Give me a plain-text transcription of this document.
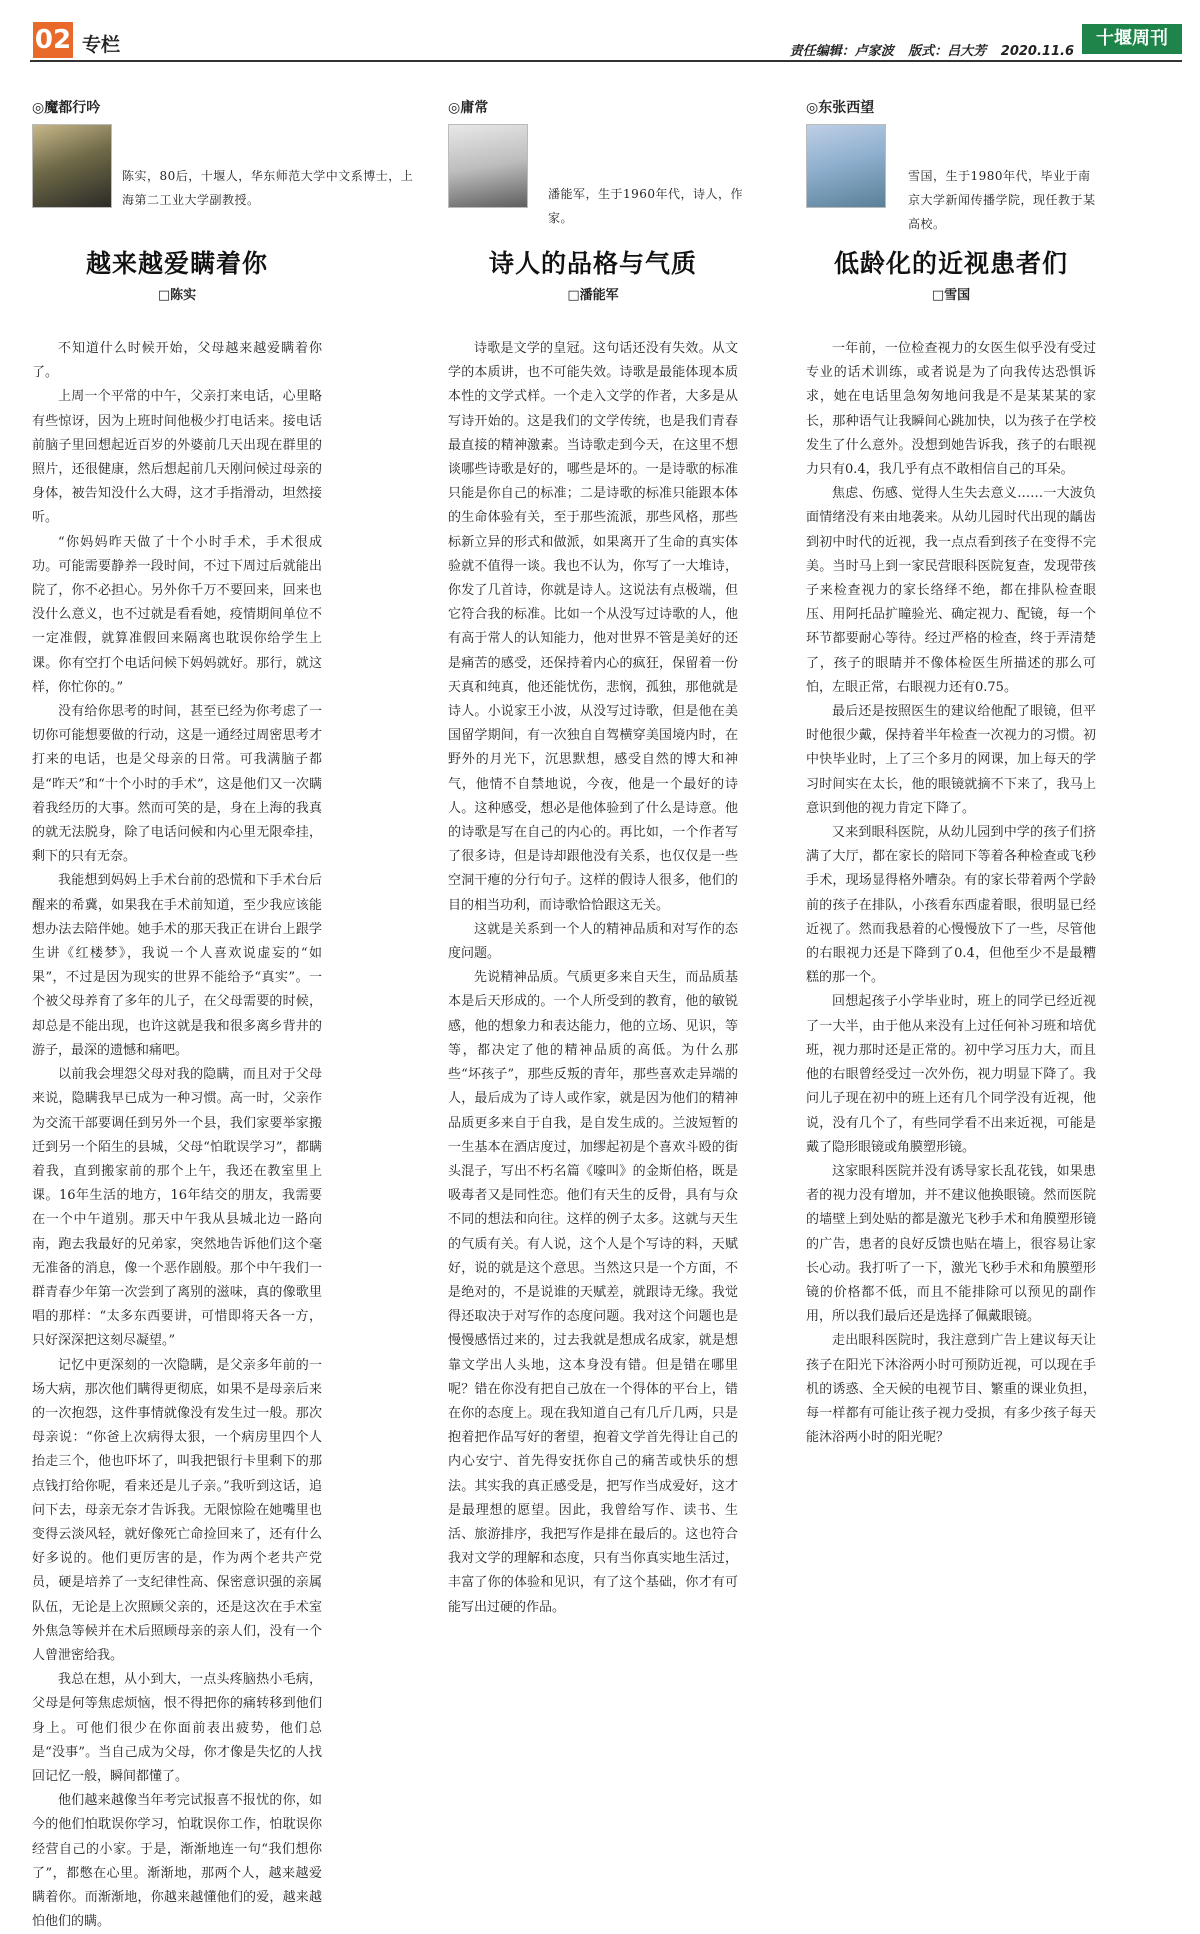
02 专栏	责任编辑：卢家波 版式：吕大芳 2020.11.6
十堰周刊
◎魔都行吟
陈实，80后，十堰人，华东师范大学中文系博士，上海第二工业大学副教授。
越来越爱瞒着你
□陈实

不知道什么时候开始，父母越来越爱瞒着你了。

上周一个平常的中午，父亲打来电话，心里略有些惊讶，因为上班时间他极少打电话来。接电话前脑子里回想起近百岁的外婆前几天出现在群里的照片，还很健康，然后想起前几天刚问候过母亲的身体，被告知没什么大碍，这才手指滑动，坦然接听。

“你妈妈昨天做了十个小时手术，手术很成功。可能需要静养一段时间，不过下周过后就能出院了，你不必担心。另外你千万不要回来，回来也没什么意义，也不过就是看看她，疫情期间单位不一定准假，就算准假回来隔离也耽误你给学生上课。你有空打个电话问候下妈妈就好。那行，就这样，你忙你的。”

没有给你思考的时间，甚至已经为你考虑了一切你可能想要做的行动，这是一通经过周密思考才打来的电话，也是父母亲的日常。可我满脑子都是“昨天”和“十个小时的手术”，这是他们又一次瞒着我经历的大事。然而可笑的是，身在上海的我真的就无法脱身，除了电话问候和内心里无限牵挂，剩下的只有无奈。

我能想到妈妈上手术台前的恐慌和下手术台后醒来的希冀，如果我在手术前知道，至少我应该能想办法去陪伴她。她手术的那天我正在讲台上跟学生讲《红楼梦》，我说一个人喜欢说虚妄的“如果”，不过是因为现实的世界不能给予“真实”。一个被父母养育了多年的儿子，在父母需要的时候，却总是不能出现，也许这就是我和很多离乡背井的游子，最深的遗憾和痛吧。

以前我会埋怨父母对我的隐瞒，而且对于父母来说，隐瞒我早已成为一种习惯。高一时，父亲作为交流干部要调任到另外一个县，我们家要举家搬迁到另一个陌生的县城，父母“怕耽误学习”，都瞒着我，直到搬家前的那个上午，我还在教室里上课。16年生活的地方，16年结交的朋友，我需要在一个中午道别。那天中午我从县城北边一路向南，跑去我最好的兄弟家，突然地告诉他们这个毫无准备的消息，像一个恶作剧般。那个中午我们一群青春少年第一次尝到了离别的滋味，真的像歌里唱的那样：“太多东西要讲，可惜即将天各一方，只好深深把这刻尽凝望。”

记忆中更深刻的一次隐瞒，是父亲多年前的一场大病，那次他们瞒得更彻底，如果不是母亲后来的一次抱怨，这件事情就像没有发生过一般。那次母亲说：“你爸上次病得太狠，一个病房里四个人抬走三个，他也吓坏了，叫我把银行卡里剩下的那点钱打给你呢，看来还是儿子亲。”我听到这话，追问下去，母亲无奈才告诉我。无限惊险在她嘴里也变得云淡风轻，就好像死亡命捡回来了，还有什么好多说的。他们更厉害的是，作为两个老共产党员，硬是培养了一支纪律性高、保密意识强的亲属队伍，无论是上次照顾父亲的，还是这次在手术室外焦急等候并在术后照顾母亲的亲人们，没有一个人曾泄密给我。

我总在想，从小到大，一点头疼脑热小毛病，父母是何等焦虑烦恼，恨不得把你的痛转移到他们身上。可他们很少在你面前表出疲势，他们总是“没事”。当自己成为父母，你才像是失忆的人找回记忆一般，瞬间都懂了。

他们越来越像当年考完试报喜不报忧的你，如今的他们怕耽误你学习，怕耽误你工作，怕耽误你经营自己的小家。于是，渐渐地连一句“我们想你了”，都憋在心里。渐渐地，那两个人，越来越爱瞒着你。而渐渐地，你越来越懂他们的爱，越来越怕他们的瞒。

◎庸常
潘能军，生于1960年代，诗人，作家。
诗人的品格与气质
□潘能军

诗歌是文学的皇冠。这句话还没有失效。从文学的本质讲，也不可能失效。诗歌是最能体现本质本性的文学式样。一个走入文学的作者，大多是从写诗开始的。这是我们的文学传统，也是我们青春最直接的精神激素。当诗歌走到今天，在这里不想谈哪些诗歌是好的，哪些是坏的。一是诗歌的标准只能是你自己的标准；二是诗歌的标准只能跟本体的生命体验有关，至于那些流派，那些风格，那些标新立异的形式和做派，如果离开了生命的真实体验就不值得一谈。我也不认为，你写了一大堆诗，你发了几首诗，你就是诗人。这说法有点极端，但它符合我的标准。比如一个从没写过诗歌的人，他有高于常人的认知能力，他对世界不管是美好的还是痛苦的感受，还保持着内心的疯狂，保留着一份天真和纯真，他还能忧伤，悲悯，孤独，那他就是诗人。小说家王小波，从没写过诗歌，但是他在美国留学期间，有一次独自自驾横穿美国境内时，在野外的月光下，沉思默想，感受自然的博大和神气，他情不自禁地说，今夜，他是一个最好的诗人。这种感受，想必是他体验到了什么是诗意。他的诗歌是写在自己的内心的。再比如，一个作者写了很多诗，但是诗却跟他没有关系，也仅仅是一些空洞干瘪的分行句子。这样的假诗人很多，他们的目的相当功利，而诗歌恰恰跟这无关。

这就是关系到一个人的精神品质和对写作的态度问题。

先说精神品质。气质更多来自天生，而品质基本是后天形成的。一个人所受到的教育，他的敏锐感，他的想象力和表达能力，他的立场、见识，等等，都决定了他的精神品质的高低。为什么那些“坏孩子”，那些反叛的青年，那些喜欢走异端的人，最后成为了诗人或作家，就是因为他们的精神品质更多来自于自我，是自发生成的。兰波短暂的一生基本在酒店度过，加缪起初是个喜欢斗殴的街头混子，写出不朽名篇《嚎叫》的金斯伯格，既是吸毒者又是同性恋。他们有天生的反骨，具有与众不同的想法和向往。这样的例子太多。这就与天生的气质有关。有人说，这个人是个写诗的料，天赋好，说的就是这个意思。当然这只是一个方面，不是绝对的，不是说谁的天赋差，就跟诗无缘。我觉得还取决于对写作的态度问题。我对这个问题也是慢慢感悟过来的，过去我就是想成名成家，就是想靠文学出人头地，这本身没有错。但是错在哪里呢？错在你没有把自己放在一个得体的平台上，错在你的态度上。现在我知道自己有几斤几两，只是抱着把作品写好的奢望，抱着文学首先得让自己的内心安宁、首先得安抚你自己的痛苦或快乐的想法。其实我的真正感受是，把写作当成爱好，这才是最理想的愿望。因此，我曾给写作、读书、生活、旅游排序，我把写作是排在最后的。这也符合我对文学的理解和态度，只有当你真实地生活过，丰富了你的体验和见识，有了这个基础，你才有可能写出过硬的作品。

◎东张西望
雪国，生于1980年代，毕业于南京大学新闻传播学院，现任教于某高校。
低龄化的近视患者们
□雪国

一年前，一位检查视力的女医生似乎没有受过专业的话术训练，或者说是为了向我传达恐惧诉求，她在电话里急匆匆地问我是不是某某某的家长，那种语气让我瞬间心跳加快，以为孩子在学校发生了什么意外。没想到她告诉我，孩子的右眼视力只有0.4，我几乎有点不敢相信自己的耳朵。

焦虑、伤感、觉得人生失去意义……一大波负面情绪没有来由地袭来。从幼儿园时代出现的龋齿到初中时代的近视，我一点点看到孩子在变得不完美。当时马上到一家民营眼科医院复查，发现带孩子来检查视力的家长络绎不绝，都在排队检查眼压、用阿托品扩瞳验光、确定视力、配镜，每一个环节都要耐心等待。经过严格的检查，终于弄清楚了，孩子的眼睛并不像体检医生所描述的那么可怕，左眼正常，右眼视力还有0.75。

最后还是按照医生的建议给他配了眼镜，但平时他很少戴，保持着半年检查一次视力的习惯。初中快毕业时，上了三个多月的网课，加上每天的学习时间实在太长，他的眼镜就摘不下来了，我马上意识到他的视力肯定下降了。

又来到眼科医院，从幼儿园到中学的孩子们挤满了大厅，都在家长的陪同下等着各种检查或飞秒手术，现场显得格外嘈杂。有的家长带着两个学龄前的孩子在排队，小孩看东西虚着眼，很明显已经近视了。然而我悬着的心慢慢放下了一些，尽管他的右眼视力还是下降到了0.4，但他至少不是最糟糕的那一个。

回想起孩子小学毕业时，班上的同学已经近视了一大半，由于他从来没有上过任何补习班和培优班，视力那时还是正常的。初中学习压力大，而且他的右眼曾经受过一次外伤，视力明显下降了。我问儿子现在初中的班上还有几个同学没有近视，他说，没有几个了，有些同学看不出来近视，可能是戴了隐形眼镜或角膜塑形镜。

这家眼科医院并没有诱导家长乱花钱，如果患者的视力没有增加，并不建议他换眼镜。然而医院的墙壁上到处贴的都是激光飞秒手术和角膜塑形镜的广告，患者的良好反馈也贴在墙上，很容易让家长心动。我打听了一下，激光飞秒手术和角膜塑形镜的价格都不低，而且不能排除可以预见的副作用，所以我们最后还是选择了佩戴眼镜。

走出眼科医院时，我注意到广告上建议每天让孩子在阳光下沐浴两小时可预防近视，可以现在手机的诱惑、全天候的电视节目、繁重的课业负担，每一样都有可能让孩子视力受损，有多少孩子每天能沐浴两小时的阳光呢？
